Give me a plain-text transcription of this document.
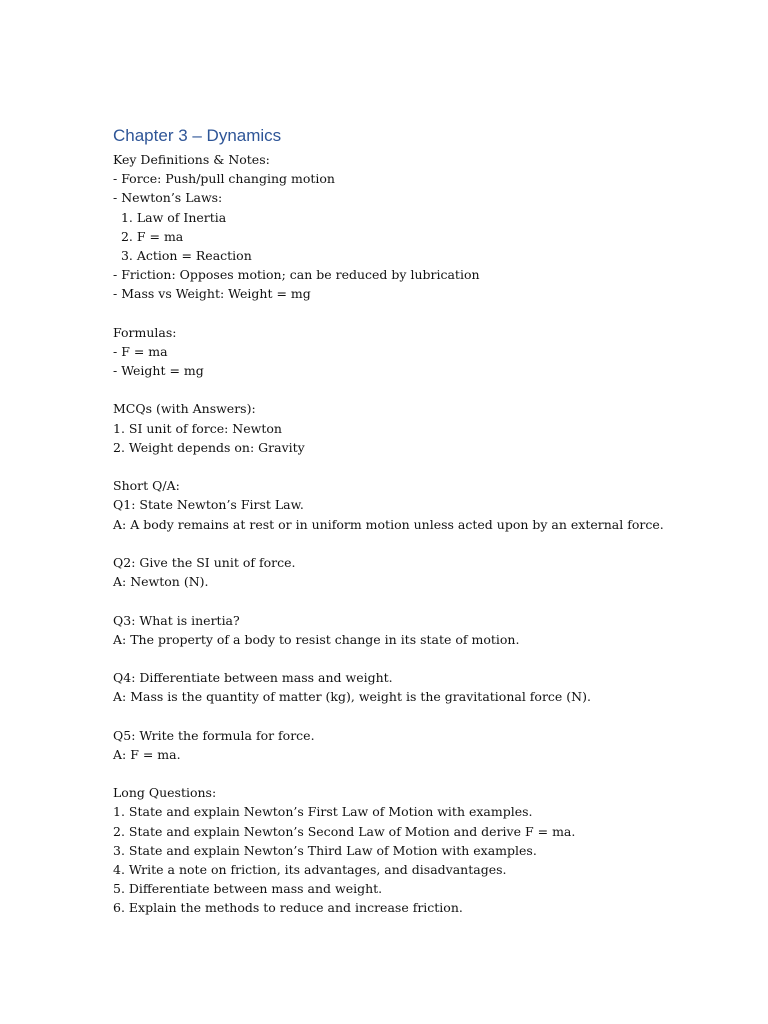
Chapter 3 – Dynamics

Key Definitions & Notes:

- Force: Push/pull changing motion

- Newton’s Laws:

1. Law of Inertia

2. F = ma

3. Action = Reaction

- Friction: Opposes motion; can be reduced by lubrication

- Mass vs Weight: Weight = mg

Formulas:

- F = ma

- Weight = mg

MCQs (with Answers):

1. SI unit of force: Newton

2. Weight depends on: Gravity

Short Q/A:

Q1: State Newton’s First Law.

A: A body remains at rest or in uniform motion unless acted upon by an external force.

Q2: Give the SI unit of force.

A: Newton (N).

Q3: What is inertia?

A: The property of a body to resist change in its state of motion.

Q4: Differentiate between mass and weight.

A: Mass is the quantity of matter (kg), weight is the gravitational force (N).

Q5: Write the formula for force.

A: F = ma.

Long Questions:

1. State and explain Newton’s First Law of Motion with examples.

2. State and explain Newton’s Second Law of Motion and derive F = ma.

3. State and explain Newton’s Third Law of Motion with examples.

4. Write a note on friction, its advantages, and disadvantages.

5. Differentiate between mass and weight.

6. Explain the methods to reduce and increase friction.
